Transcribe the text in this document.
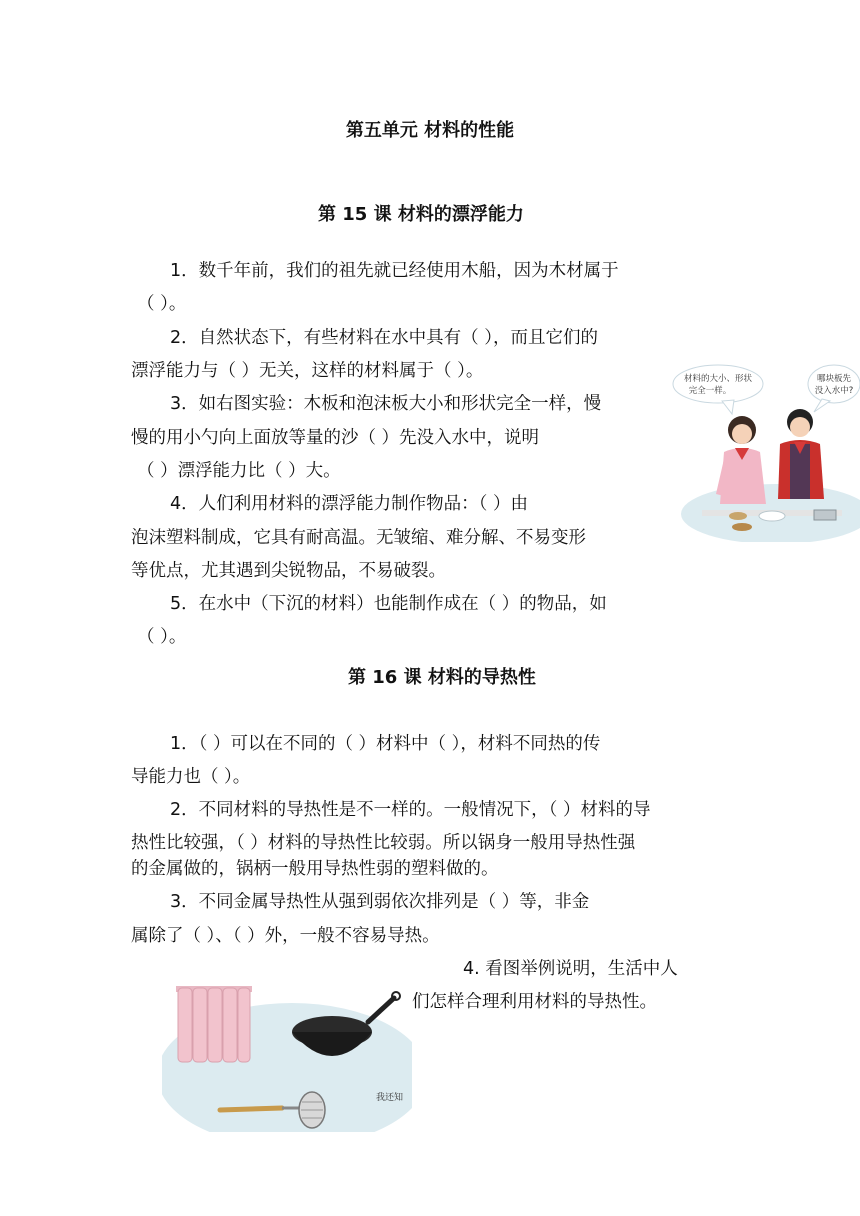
第五单元 材料的性能
第 15 课 材料的漂浮能力

1．数千年前，我们的祖先就已经使用木船，因为木材属于

（ ）。

2．自然状态下，有些材料在水中具有（ ），而且它们的

漂浮能力与（ ）无关，这样的材料属于（ ）。

3．如右图实验：木板和泡沫板大小和形状完全一样，慢

慢的用小勺向上面放等量的沙（ ）先没入水中，说明

（ ）漂浮能力比（ ）大。

4．人们利用材料的漂浮能力制作物品：（ ）由

泡沫塑料制成，它具有耐高温。无皱缩、难分解、不易变形

等优点，尤其遇到尖锐物品，不易破裂。

5．在水中（下沉的材料）也能制作成在（ ）的物品，如

（ ）。

材料的大小、形状
完全一样。
哪块板先
没入水中?
第 16 课 材料的导热性

1．（ ）可以在不同的（ ）材料中（ ），材料不同热的传

导能力也（ ）。

2．不同材料的导热性是不一样的。一般情况下，（ ）材料的导

热性比较强，（ ）材料的导热性比较弱。所以锅身一般用导热性强

的金属做的，锅柄一般用导热性弱的塑料做的。

3．不同金属导热性从强到弱依次排列是（ ）等，非金

属除了（ ）、（ ）外，一般不容易导热。

4. 看图举例说明，生活中人

们怎样合理利用材料的导热性。

我还知
